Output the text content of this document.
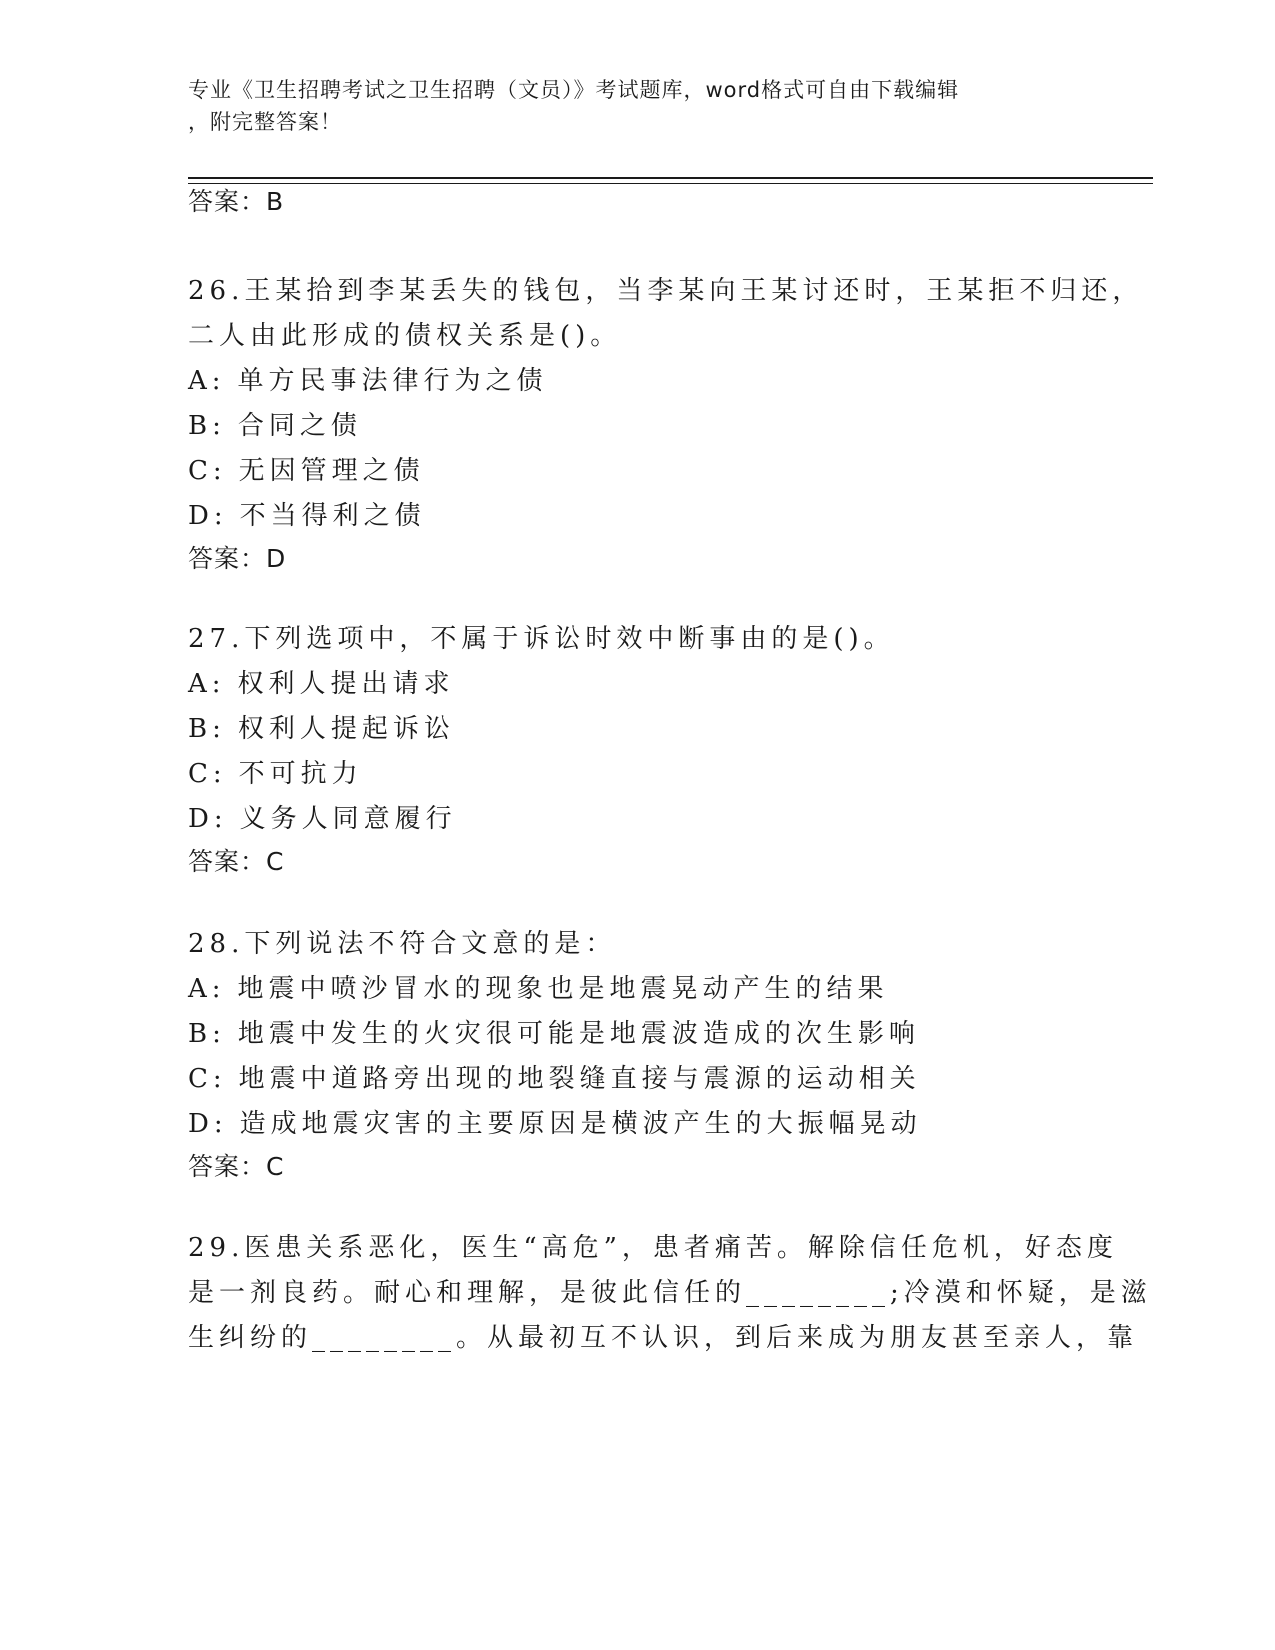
专业《卫生招聘考试之卫生招聘（文员）》考试题库，word格式可自由下载编辑
，附完整答案！
答案：B
26.王某拾到李某丢失的钱包，当李某向王某讨还时，王某拒不归还，
二人由此形成的债权关系是()。
A: 单方民事法律行为之债
B: 合同之债
C: 无因管理之债
D: 不当得利之债
答案：D
27.下列选项中，不属于诉讼时效中断事由的是()。
A: 权利人提出请求
B: 权利人提起诉讼
C: 不可抗力
D: 义务人同意履行
答案：C
28.下列说法不符合文意的是：
A: 地震中喷沙冒水的现象也是地震晃动产生的结果
B: 地震中发生的火灾很可能是地震波造成的次生影响
C: 地震中道路旁出现的地裂缝直接与震源的运动相关
D: 造成地震灾害的主要原因是横波产生的大振幅晃动
答案：C
29.医患关系恶化，医生“高危”，患者痛苦。解除信任危机，好态度
是一剂良药。耐心和理解，是彼此信任的________;冷漠和怀疑，是滋
生纠纷的________。从最初互不认识，到后来成为朋友甚至亲人，靠
